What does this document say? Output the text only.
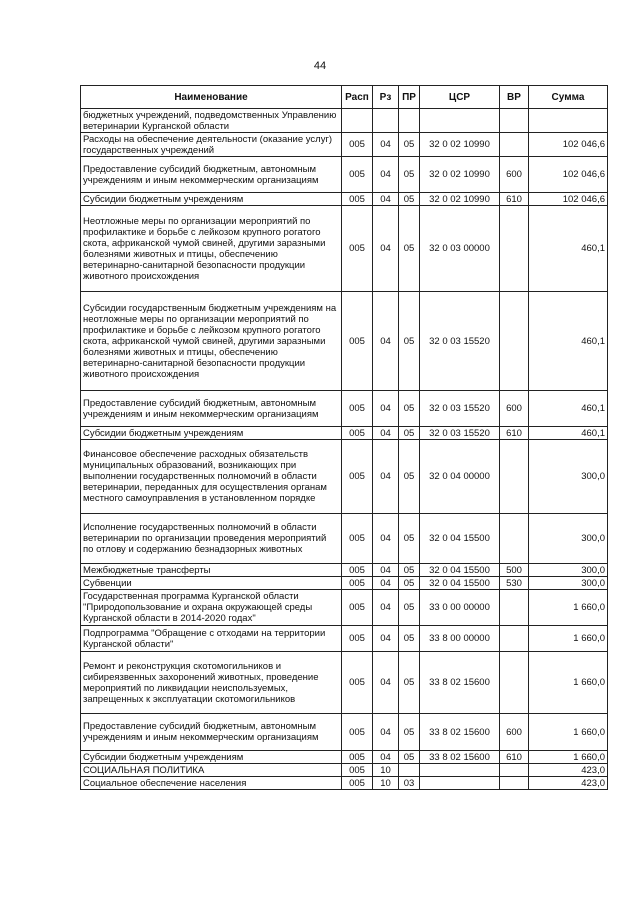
44
Наименование	Расп	Рз	ПР	ЦСР	ВР	Сумма
бюджетных учреждений, подведомственных Управлению ветеринарии Курганской области						
Расходы на обеспечение деятельности (оказание услуг) государственных учреждений	005	04	05	32 0 02 10990		102 046,6
Предоставление субсидий бюджетным, автономным учреждениям и иным некоммерческим организациям	005	04	05	32 0 02 10990	600	102 046,6
Субсидии бюджетным учреждениям	005	04	05	32 0 02 10990	610	102 046,6
Неотложные меры по организации мероприятий по профилактике и борьбе с лейкозом крупного рогатого скота, африканской чумой свиней, другими заразными болезнями животных и птицы, обеспечению ветеринарно-санитарной безопасности продукции животного происхождения	005	04	05	32 0 03 00000		460,1
Субсидии государственным бюджетным учреждениям на неотложные меры по организации мероприятий по профилактике и борьбе с лейкозом крупного рогатого скота, африканской чумой свиней, другими заразными болезнями животных и птицы, обеспечению ветеринарно-санитарной безопасности продукции животного происхождения	005	04	05	32 0 03 15520		460,1
Предоставление субсидий бюджетным, автономным учреждениям и иным некоммерческим организациям	005	04	05	32 0 03 15520	600	460,1
Субсидии бюджетным учреждениям	005	04	05	32 0 03 15520	610	460,1
Финансовое обеспечение расходных обязательств муниципальных образований, возникающих при выполнении государственных полномочий в области ветеринарии, переданных для осуществления органам местного самоуправления в установленном порядке	005	04	05	32 0 04 00000		300,0
Исполнение государственных полномочий в области ветеринарии по организации проведения мероприятий по отлову и содержанию безнадзорных животных	005	04	05	32 0 04 15500		300,0
Межбюджетные трансферты	005	04	05	32 0 04 15500	500	300,0
Субвенции	005	04	05	32 0 04 15500	530	300,0
Государственная программа Курганской области "Природопользование и охрана окружающей среды Курганской области в 2014-2020 годах"	005	04	05	33 0 00 00000		1 660,0
Подпрограмма "Обращение с отходами на территории Курганской области"	005	04	05	33 8 00 00000		1 660,0
Ремонт и реконструкция скотомогильников и сибиреязвенных захоронений животных, проведение мероприятий по ликвидации неиспользуемых, запрещенных к эксплуатации скотомогильников	005	04	05	33 8 02 15600		1 660,0
Предоставление субсидий бюджетным, автономным учреждениям и иным некоммерческим организациям	005	04	05	33 8 02 15600	600	1 660,0
Субсидии бюджетным учреждениям	005	04	05	33 8 02 15600	610	1 660,0
СОЦИАЛЬНАЯ ПОЛИТИКА	005	10				423,0
Социальное обеспечение населения	005	10	03			423,0
